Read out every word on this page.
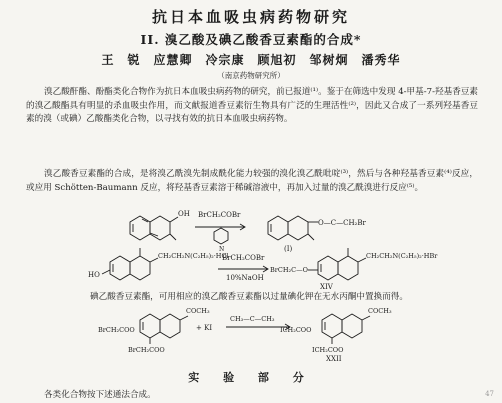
抗日本血吸虫病药物研究
II. 溴乙酸及碘乙酸香豆素酯的合成*
王　锐　应慧卿　冷宗康　顾旭初　邹树炯　潘秀华
（南京药物研究所）
溴乙酸酐酯、酚酯类化合物作为抗日本血吸虫病药物的研究，前已报道⁽¹⁾。鉴于在筛选中发现 4-甲基-7-羟基香豆素的溴乙酸酯具有明显的杀血吸虫作用，而文献报道香豆素衍生物具有广泛的生理活性⁽²⁾，因此又合成了一系列羟基香豆素的溴（或碘）乙酸酯类化合物，以寻找有效的抗日本血吸虫病药物。
溴乙酸香豆素酯的合成，是将溴乙酰溴先制成酰化能力较强的溴化溴乙酰吡啶⁽³⁾，然后与各种羟基香豆素⁽⁴⁾反应，或应用 Schötten-Baumann 反应，将羟基香豆素溶于稀碱溶液中，再加入过量的溴乙酰溴进行反应⁽⁵⁾。
OH BrCH₂COBr
N
O—C—CH₂Br
(I)
HO
CH₂CH₂N(C₂H₅)₂·HCl
BrCH₂COBr
10%NaOH
BrCH₂C—O
CH₂CH₂N(C₂H₅)₂·HBr
XIV
BrCH₂COO
COCH₃
BrCH₂COO
+ KI
CH₃—C—CH₃
ICH₂COO
COCH₃
ICH₂COO
XXII
碘乙酸香豆素酯，可用相应的溴乙酸香豆素酯以过量碘化钾在无水丙酮中置换而得。
实 验 部 分
各类化合物按下述通法合成。	47
